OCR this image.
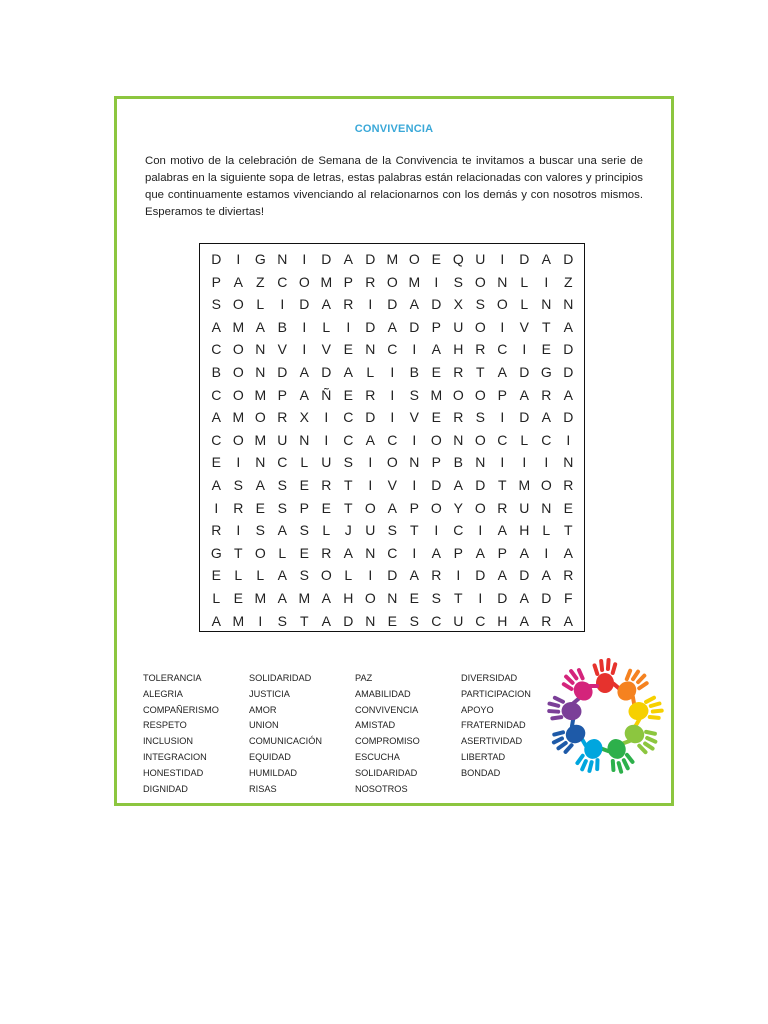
CONVIVENCIA
Con motivo de la celebración de Semana de la Convivencia te invitamos a buscar una serie de palabras en la siguiente sopa de letras, estas palabras están relacionadas con valores y principios que continuamente estamos vivenciando al relacionarnos con los demás y con nosotros mismos. Esperamos te diviertas!
D	I	G N	I	D A D M O E Q U	I	D A D
P A Z C O M P R O M	I	S O N L	I	Z
S O L	I	D A R	I	D A D X S O L N N
A M A B	I	L	I	D A D P U O	I	V T A
C O N V	I	V E N C	I	A H R C	I	E D
B O N D A D A L	I	B E R T A D G D
C O M P A Ñ E R	I	S M O O P A R A
A M O R X	I	C D	I	V E R S	I	D A D
C O M U N	I	C A C	I	O N O C L C	I
E	I	N C L U S	I	O N P B N	I	I	I	N
A S A S E R T	I	V	I	D A D T M O R
I	R E S P E T O A P O Y O R U N E
R	I	S A S L	J U S T	I	C	I	A H L T
G T O L E R A N C	I	A P A P A	I	A
E L	L A S O L	I	D A R	I	D A D A R
L E M A M A H O N E S T	I	D A D F
A M	I	S T A D N E S C U C H A R A
TOLERANCIA
ALEGRIA
COMPAÑERISMO
RESPETO
INCLUSION
INTEGRACION
HONESTIDAD
DIGNIDAD
SOLIDARIDAD
JUSTICIA
AMOR
UNION
COMUNICACIÓN
EQUIDAD
HUMILDAD
RISAS
PAZ
AMABILIDAD
CONVIVENCIA
AMISTAD
COMPROMISO
ESCUCHA
SOLIDARIDAD
NOSOTROS
DIVERSIDAD
PARTICIPACION
APOYO
FRATERNIDAD
ASERTIVIDAD
LIBERTAD
BONDAD
